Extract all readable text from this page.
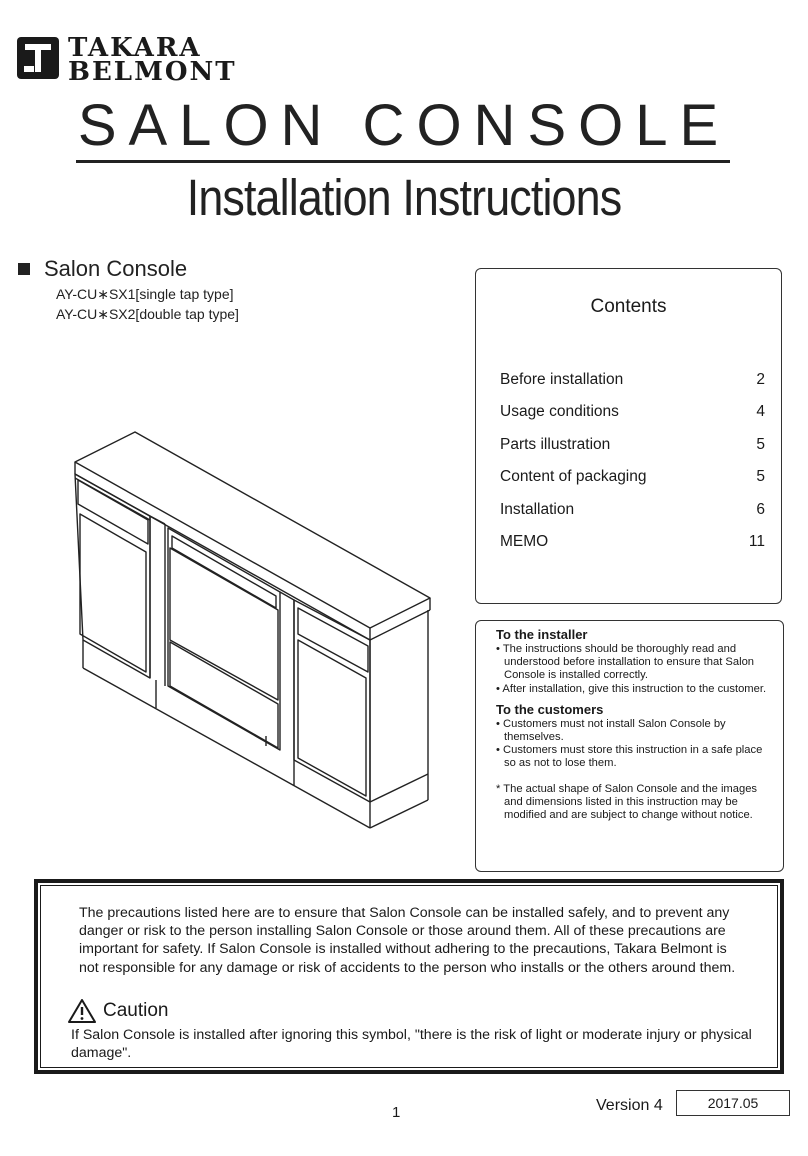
TAKARA
BELMONT
SALON CONSOLE
Installation Instructions
Salon Console
AY-CU∗SX1[single tap type]
AY-CU∗SX2[double tap type]	Contents
Before installation	2
Usage conditions	4
Parts illustration	5
Content of packaging	5
Installation	6
MEMO	11

To the installer

• The instructions should be thoroughly read and understood before installation to ensure that Salon Console is installed correctly.

• After installation, give this instruction to the customer.

To the customers

• Customers must not install Salon Console by themselves.

• Customers must store this instruction in a safe place so as not to lose them.

* The actual shape of Salon Console and the images and dimensions listed in this instruction may be modified and are subject to change without notice.

The precautions listed here are to ensure that Salon Console can be installed safely, and to prevent any danger or risk to the person installing Salon Console or those around them. All of these precautions are important for safety. If Salon Console is installed without adhering to the precautions, Takara Belmont is not responsible for any damage or risk of accidents to the person who installs or the others around them.
Caution
If Salon Console is installed after ignoring this symbol, "there is the risk of light or moderate injury or physical damage".
1	Version 4	2017.05
